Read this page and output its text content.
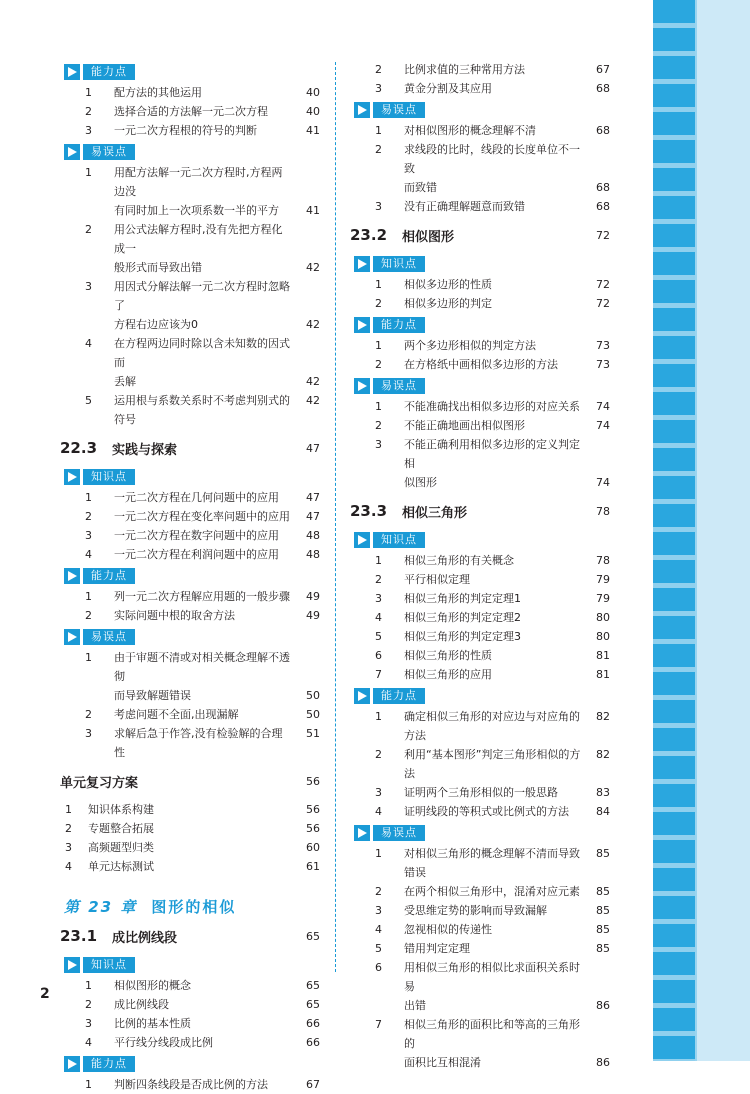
能力点
1	配方法的其他运用	40
2	选择合适的方法解一元二次方程	40
3	一元二次方程根的符号的判断	41
易误点
1	用配方法解一元二次方程时,方程两边没
有同时加上一次项系数一半的平方	41
2	用公式法解方程时,没有先把方程化成一
般形式而导致出错	42
3	用因式分解法解一元二次方程时忽略了
方程右边应该为0	42
4	在方程两边同时除以含未知数的因式而
丢解	42
5	运用根与系数关系时不考虑判别式的符号
42
22.3	实践与探索	47
知识点
1	一元二次方程在几何问题中的应用	47
2	一元二次方程在变化率问题中的应用	47
3	一元二次方程在数字问题中的应用	48
4	一元二次方程在利润问题中的应用	48
能力点
1	列一元二次方程解应用题的一般步骤	49
2	实际问题中根的取舍方法	49
易误点
1	由于审题不清或对相关概念理解不透彻
而导致解题错误	50
2	考虑问题不全面,出现漏解	50
3	求解后急于作答,没有检验解的合理性
51
单元复习方案	56
1	知识体系构建	56
2	专题整合拓展	56
3	高频题型归类	60
4	单元达标测试	61
第 23 章 图形的相似
23.1	成比例线段	65
知识点
1	相似图形的概念	65
2	成比例线段	65
3	比例的基本性质	66
4	平行线分线段成比例	66
能力点
1	判断四条线段是否成比例的方法	67
2	比例求值的三种常用方法	67
3	黄金分割及其应用	68
易误点
1	对相似图形的概念理解不清	68
2	求线段的比时，线段的长度单位不一致
而致错	68
3	没有正确理解题意而致错	68
23.2	相似图形	72
知识点
1	相似多边形的性质	72
2	相似多边形的判定	72
能力点
1	两个多边形相似的判定方法	73
2	在方格纸中画相似多边形的方法	73
易误点
1	不能准确找出相似多边形的对应关系	74
2	不能正确地画出相似图形	74
3	不能正确利用相似多边形的定义判定相
似图形	74
23.3	相似三角形	78
知识点
1	相似三角形的有关概念	78
2	平行相似定理	79
3	相似三角形的判定定理1	79
4	相似三角形的判定定理2	80
5	相似三角形的判定定理3	80
6	相似三角形的性质	81
7	相似三角形的应用	81
能力点
1	确定相似三角形的对应边与对应角的方法
82
2	利用“基本图形”判定三角形相似的方法
82
3	证明两个三角形相似的一般思路	83
4	证明线段的等积式或比例式的方法	84
易误点
1	对相似三角形的概念理解不清而导致错误
85
2	在两个相似三角形中，混淆对应元素	85
3	受思维定势的影响而导致漏解	85
4	忽视相似的传递性	85
5	错用判定定理	85
6	用相似三角形的相似比求面积关系时易
出错	86
7	相似三角形的面积比和等高的三角形的
面积比互相混淆	86
2
